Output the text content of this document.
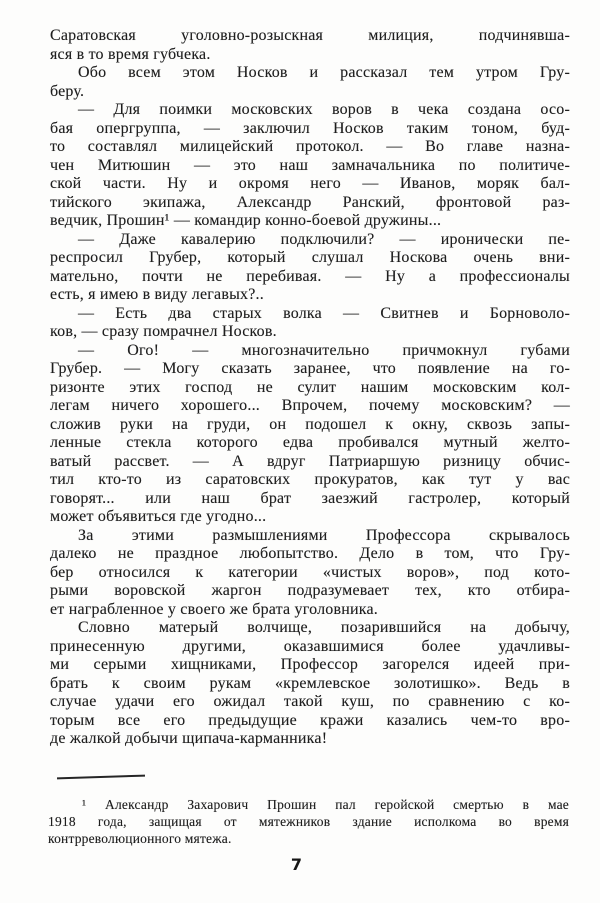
Саратовская уголовно-розыскная милиция, подчинявша-
яся в то время губчека.
Обо всем этом Носков и рассказал тем утром Гру-
беру.
— Для поимки московских воров в чека создана осо-
бая опергруппа, — заключил Носков таким тоном, буд-
то составлял милицейский протокол. — Во главе назна-
чен Митюшин — это наш замначальника по политиче-
ской части. Ну и окромя него — Иванов, моряк бал-
тийского экипажа, Александр Ранский, фронтовой раз-
ведчик, Прошин¹ — командир конно-боевой дружины...
— Даже кавалерию подключили? — иронически пе-
респросил Грубер, который слушал Носкова очень вни-
мательно, почти не перебивая. — Ну а профессионалы
есть, я имею в виду легавых?..
— Есть два старых волка — Свитнев и Борноволо-
ков, — сразу помрачнел Носков.
— Ого! — многозначительно причмокнул губами
Грубер. — Могу сказать заранее, что появление на го-
ризонте этих господ не сулит нашим московским кол-
легам ничего хорошего... Впрочем, почему московским? —
сложив руки на груди, он подошел к окну, сквозь запы-
ленные стекла которого едва пробивался мутный желто-
ватый рассвет. — А вдруг Патриаршую ризницу обчис-
тил кто-то из саратовских прокуратов, как тут у вас
говорят... или наш брат заезжий гастролер, который
может объявиться где угодно...
За этими размышлениями Профессора скрывалось
далеко не праздное любопытство. Дело в том, что Гру-
бер относился к категории «чистых воров», под кото-
рыми воровской жаргон подразумевает тех, кто отбира-
ет награбленное у своего же брата уголовника.
Словно матерый волчище, позарившийся на добычу,
принесенную другими, оказавшимися более удачливы-
ми серыми хищниками, Профессор загорелся идеей при-
брать к своим рукам «кремлевское золотишко». Ведь в
случае удачи его ожидал такой куш, по сравнению с ко-
торым все его предыдущие кражи казались чем-то вро-
де жалкой добычи щипача-карманника!
¹ Александр Захарович Прошин пал геройской смертью в мае
1918 года, защищая от мятежников здание исполкома во время
контрреволюционного мятежа.
7
